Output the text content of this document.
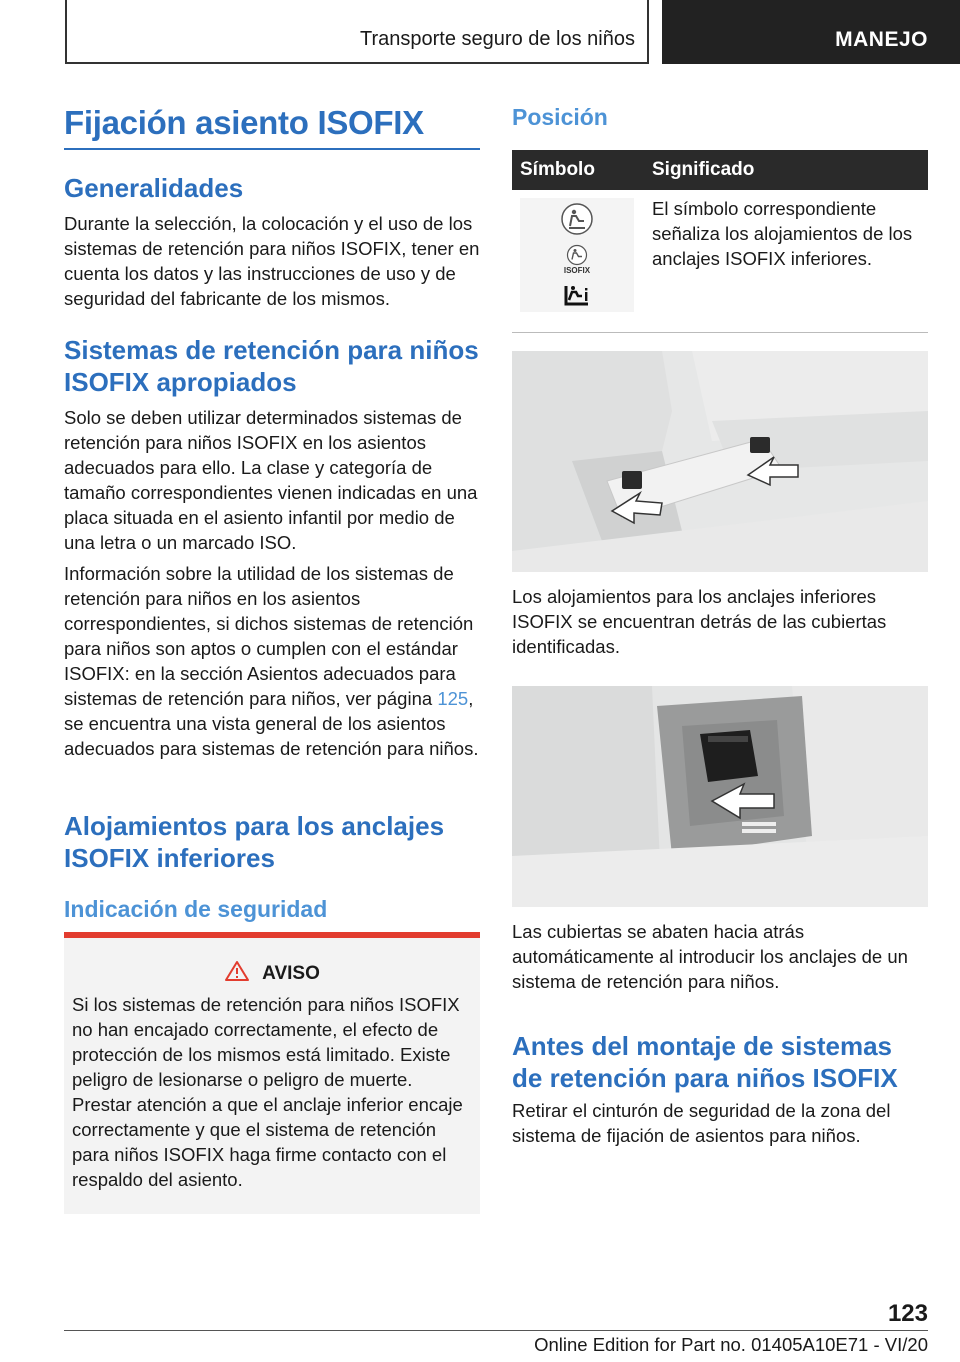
Transporte seguro de los niños	MANEJO
Fijación asiento ISOFIX
Generalidades

Durante la selección, la colocación y el uso de los sistemas de retención para niños ISOFIX, tener en cuenta los datos y las instrucciones de uso y de seguridad del fabricante de los mismos.

Sistemas de retención para niños ISOFIX apropiados

Solo se deben utilizar determinados sistemas de retención para niños ISOFIX en los asientos adecuados para ello. La clase y categoría de tamaño correspondientes vienen indicadas en una placa situada en el asiento infantil por medio de una letra o un marcado ISO.

Información sobre la utilidad de los sistemas de retención para niños en los asientos correspondientes, si dichos sistemas de retención para niños son aptos o cumplen con el estándar ISOFIX: en la sección Asientos adecuados para sistemas de retención para niños, ver página 125, se encuentra una vista general de los asientos adecuados para sistemas de retención para niños.

Alojamientos para los anclajes ISOFIX inferiores
Indicación de seguridad
AVISO

Si los sistemas de retención para niños ISOFIX no han encajado correctamente, el efecto de protección de los mismos está limitado. Existe peligro de lesionarse o peligro de muerte. Prestar atención a que el anclaje inferior encaje correctamente y que el sistema de retención para niños ISOFIX haga firme contacto con el respaldo del asiento.

Posición
Símbolo	Significado

ISOFIX	El símbolo correspondiente señaliza los alojamientos de los anclajes ISOFIX inferiores.

Los alojamientos para los anclajes inferiores ISOFIX se encuentran detrás de las cubiertas identificadas.

Las cubiertas se abaten hacia atrás automáticamente al introducir los anclajes de un sistema de retención para niños.

Antes del montaje de sistemas de retención para niños ISOFIX

Retirar el cinturón de seguridad de la zona del sistema de fijación de asientos para niños.

123
Online Edition for Part no. 01405A10E71 - VI/20
